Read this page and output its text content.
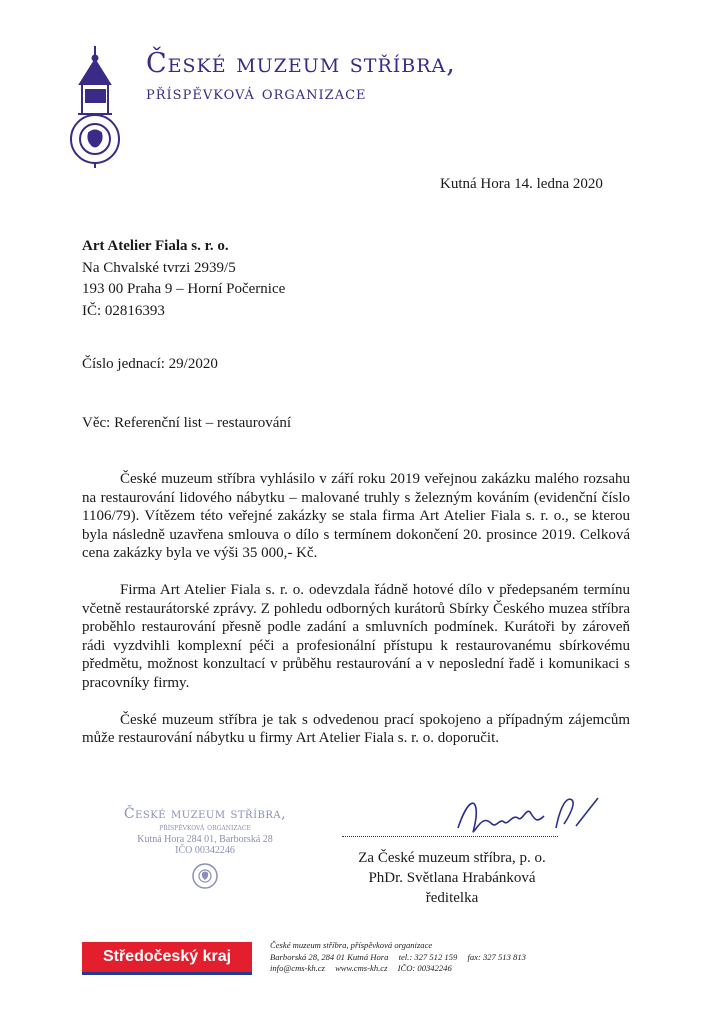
České muzeum stříbra,
příspěvková organizace
Kutná Hora 14. ledna 2020
Art Atelier Fiala s. r. o.
Na Chvalské tvrzi 2939/5
193 00 Praha 9 – Horní Počernice
IČ: 02816393
Číslo jednací: 29/2020
Věc: Referenční list – restaurování

České muzeum stříbra vyhlásilo v září roku 2019 veřejnou zakázku malého rozsahu na restaurování lidového nábytku – malované truhly s železným kováním (evidenční číslo 1106/79). Vítězem této veřejné zakázky se stala firma Art Atelier Fiala s. r. o., se kterou byla následně uzavřena smlouva o dílo s termínem dokončení 20. prosince 2019. Celková cena zakázky byla ve výši 35 000,- Kč.

Firma Art Atelier Fiala s. r. o. odevzdala řádně hotové dílo v předepsaném termínu včetně restaurátorské zprávy. Z pohledu odborných kurátorů Sbírky Českého muzea stříbra proběhlo restaurování přesně podle zadání a smluvních podmínek. Kurátoři by zároveň rádi vyzdvihli komplexní péči a profesionální přístupu k restaurovanému sbírkovému předmětu, možnost konzultací v průběhu restaurování a v neposlední řadě i komunikaci s pracovníky firmy.

České muzeum stříbra je tak s odvedenou prací spokojeno a případným zájemcům může restaurování nábytku u firmy Art Atelier Fiala s. r. o. doporučit.

České muzeum stříbra,
příspěvková organizace
Kutná Hora 284 01, Barborská 28
IČO 00342246	Za České muzeum stříbra, p. o.
PhDr. Světlana Hrabánková
ředitelka
Středočeský kraj
České muzeum stříbra, příspěvková organizace
Barborská 28, 284 01 Kutná Hora tel.: 327 512 159 fax: 327 513 813
info@cms-kh.cz www.cms-kh.cz IČO: 00342246
